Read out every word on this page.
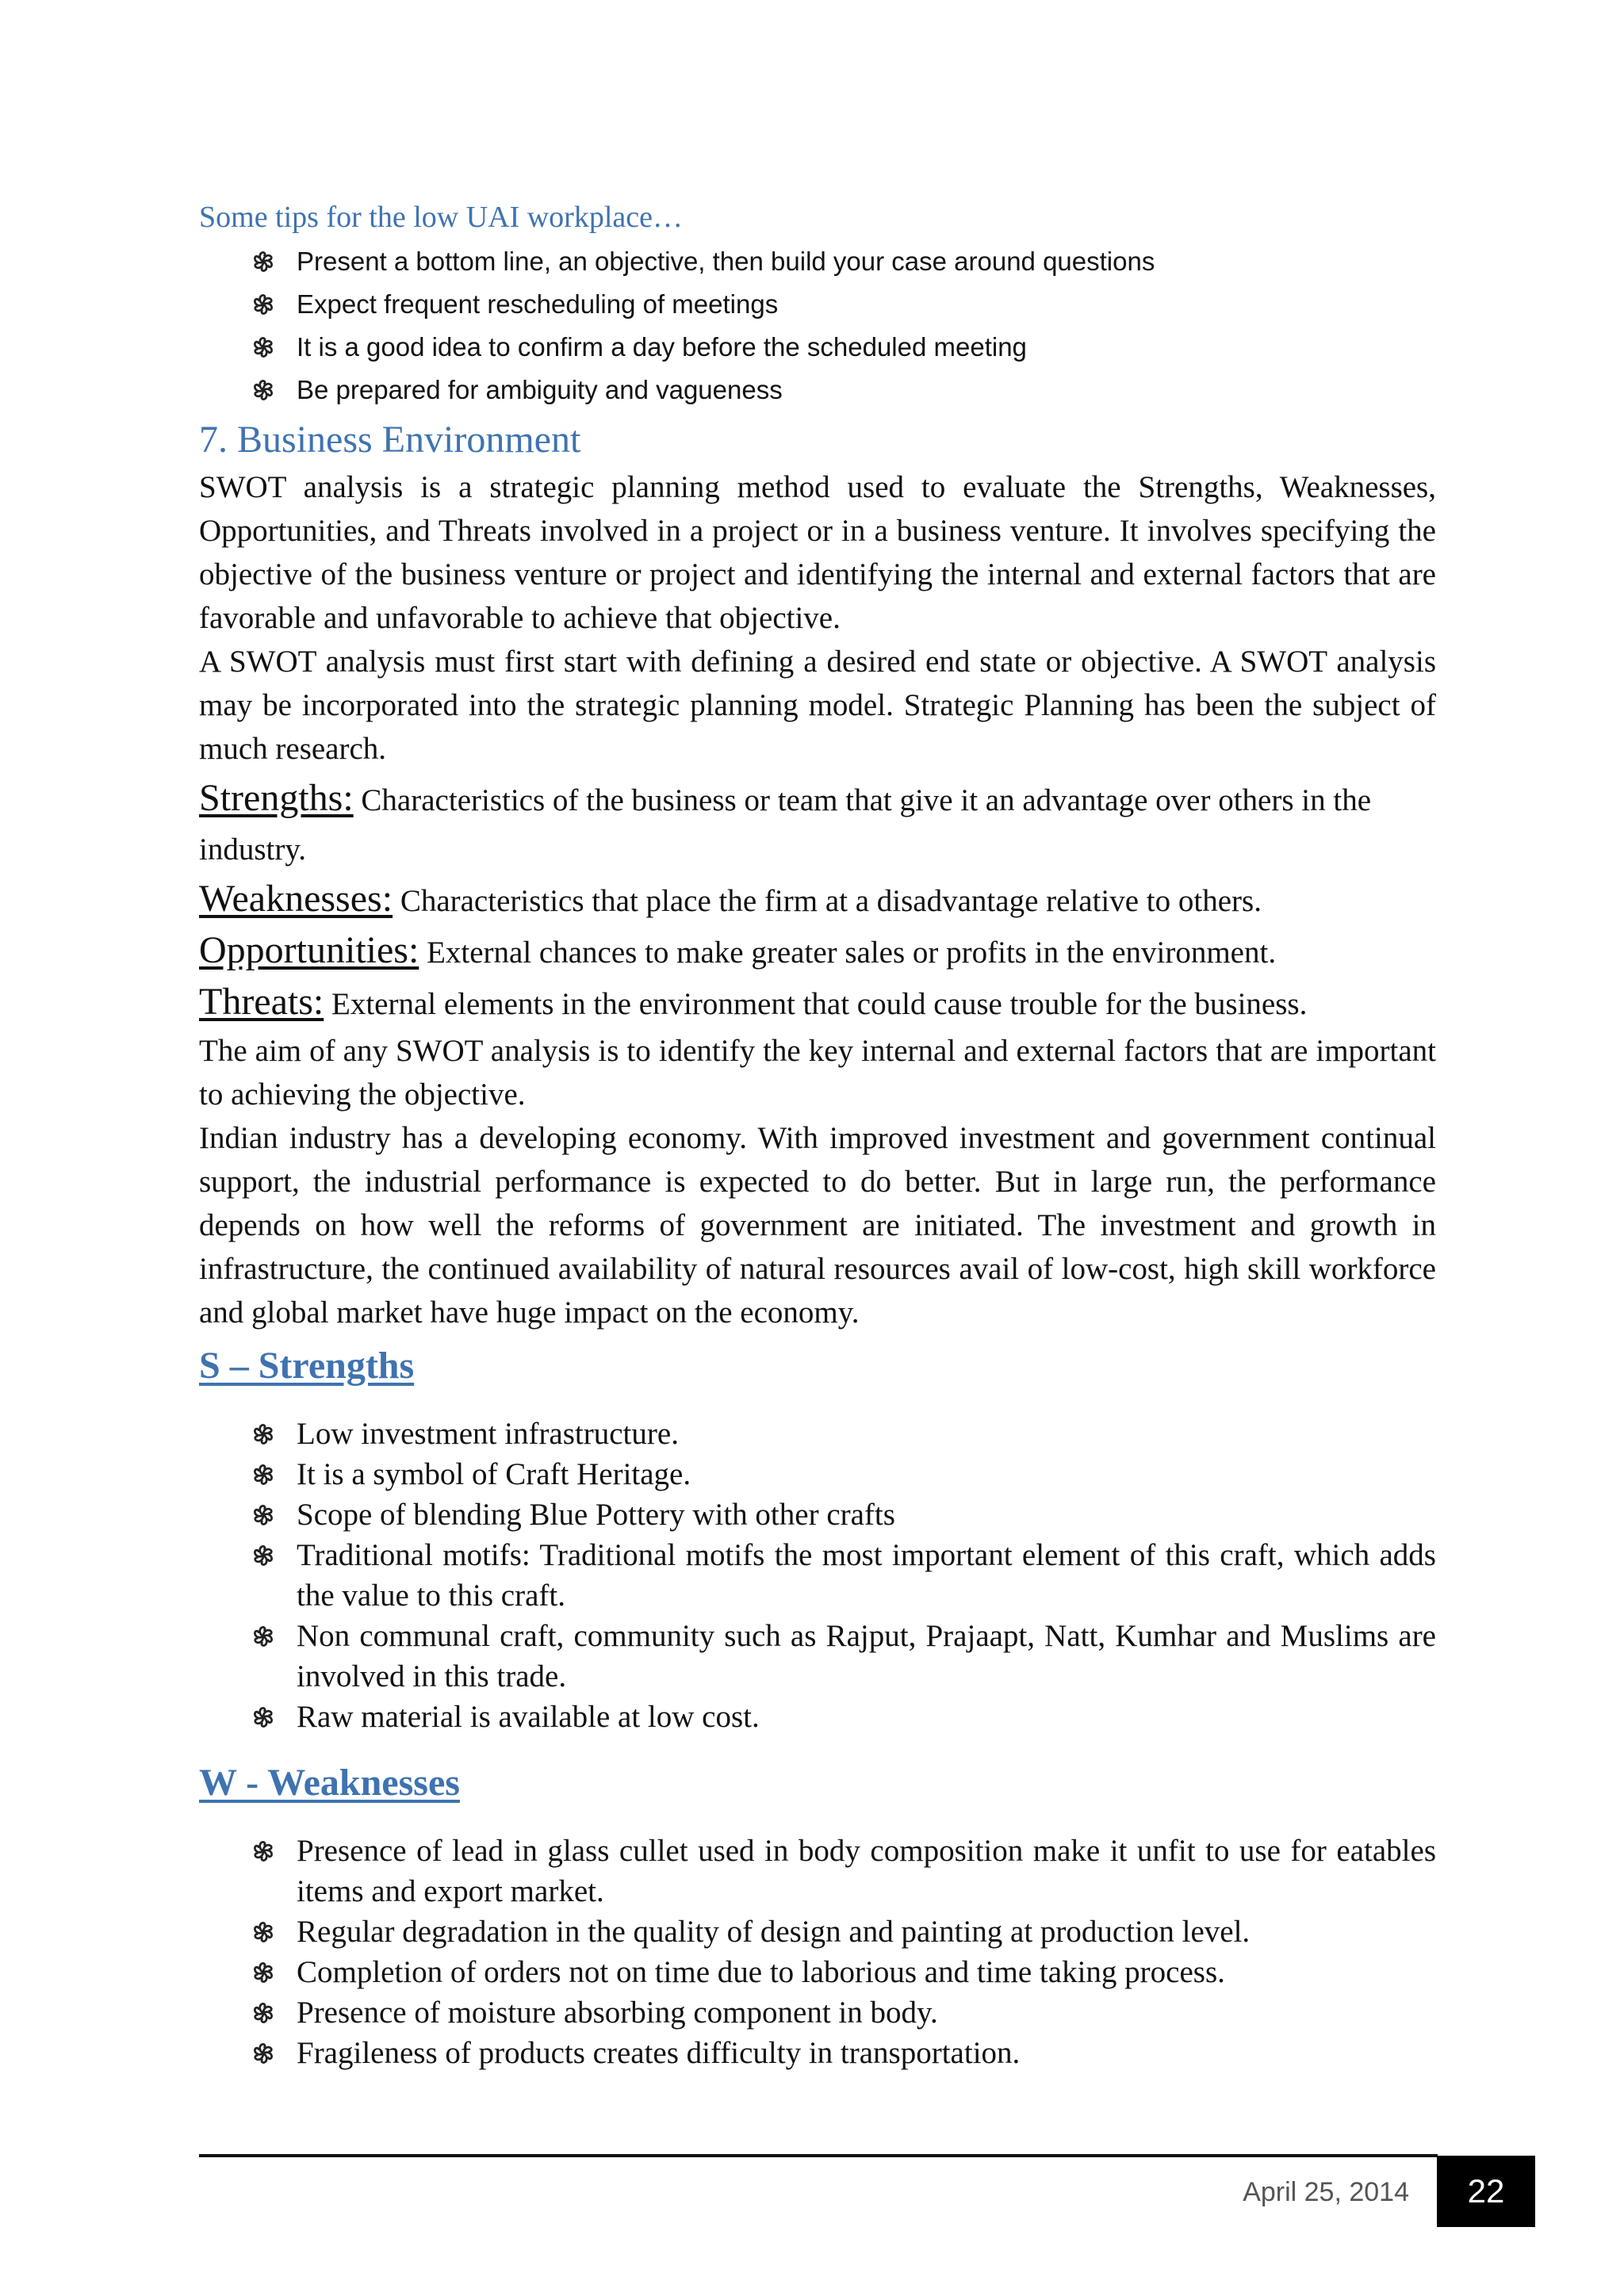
Some tips for the low UAI workplace…

Present a bottom line, an objective, then build your case around questions
Expect frequent rescheduling of meetings
It is a good idea to confirm a day before the scheduled meeting
Be prepared for ambiguity and vagueness
7. Business Environment

SWOT analysis is a strategic planning method used to evaluate the Strengths, Weaknesses, Opportunities, and Threats involved in a project or in a business venture. It involves specifying the objective of the business venture or project and identifying the internal and external factors that are favorable and unfavorable to achieve that objective.

A SWOT analysis must first start with defining a desired end state or objective. A SWOT analysis may be incorporated into the strategic planning model. Strategic Planning has been the subject of much research.

Strengths: Characteristics of the business or team that give it an advantage over others in the industry.

Weaknesses: Characteristics that place the firm at a disadvantage relative to others.

Opportunities: External chances to make greater sales or profits in the environment.

Threats: External elements in the environment that could cause trouble for the business.

The aim of any SWOT analysis is to identify the key internal and external factors that are important to achieving the objective.

Indian industry has a developing economy. With improved investment and government continual support, the industrial performance is expected to do better. But in large run, the performance depends on how well the reforms of government are initiated. The investment and growth in infrastructure, the continued availability of natural resources avail of low-cost, high skill workforce and global market have huge impact on the economy.

S – Strengths
Low investment infrastructure.
It is a symbol of Craft Heritage.
Scope of blending Blue Pottery with other crafts
Traditional motifs: Traditional motifs the most important element of this craft, which adds the value to this craft.
Non communal craft, community such as Rajput, Prajaapt, Natt, Kumhar and Muslims are involved in this trade.
Raw material is available at low cost.
W - Weaknesses
Presence of lead in glass cullet used in body composition make it unfit to use for eatables items and export market.
Regular degradation in the quality of design and painting at production level.
Completion of orders not on time due to laborious and time taking process.
Presence of moisture absorbing component in body.
Fragileness of products creates difficulty in transportation.
April 25, 2014	22
